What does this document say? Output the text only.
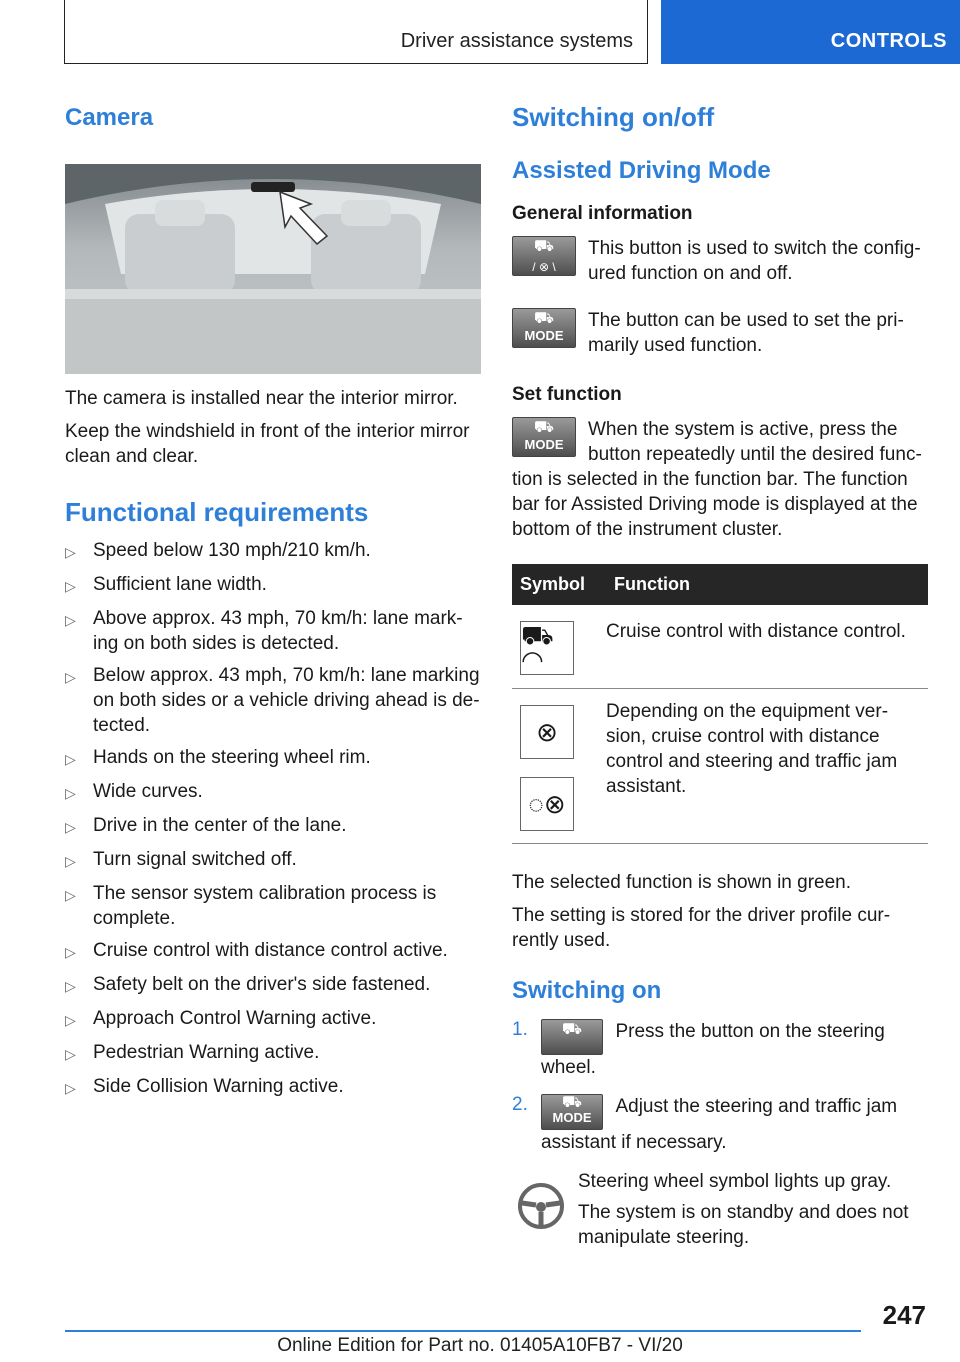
Driver assistance systems	CONTROLS
Camera

The camera is installed near the interior mirror.

Keep the windshield in front of the interior mirror clean and clear.

Functional requirements
▷ Speed below 130 mph/210 km/h.
▷ Sufficient lane width.
▷ Above approx. 43 mph, 70 km/h: lane mark-ing on both sides is detected.
▷ Below approx. 43 mph, 70 km/h: lane marking on both sides or a vehicle driving ahead is de-tected.
▷ Hands on the steering wheel rim.
▷ Wide curves.
▷ Drive in the center of the lane.
▷ Turn signal switched off.
▷ The sensor system calibration process is complete.
▷ Cruise control with distance control active.
▷ Safety belt on the driver's side fastened.
▷ Approach Control Warning active.
▷ Pedestrian Warning active.
▷ Side Collision Warning active.
Switching on/off
Assisted Driving Mode

General information

⛟
/ ⊗ \

This button is used to switch the config-ured function on and off.

⛟
MODE

The button can be used to set the pri-marily used function.

Set function

⛟
MODE

When the system is active, press the button repeatedly until the desired func-

tion is selected in the function bar. The function bar for Assisted Driving mode is displayed at the bottom of the instrument cluster.

Symbol	Function

⛟◠	Cruise control with distance control.

⊗
◌⊗	Depending on the equipment ver-sion, cruise control with distance control and steering and traffic jam assistant.

The selected function is shown in green.

The setting is stored for the driver profile cur-rently used.

Switching on
1.	⛟	Press the button on the steering wheel.
2.	⛟
MODE
Adjust the steering and traffic jam assistant if necessary.

Steering wheel symbol lights up gray.

The system is on standby and does not manipulate steering.

247
Online Edition for Part no. 01405A10FB7 - VI/20
